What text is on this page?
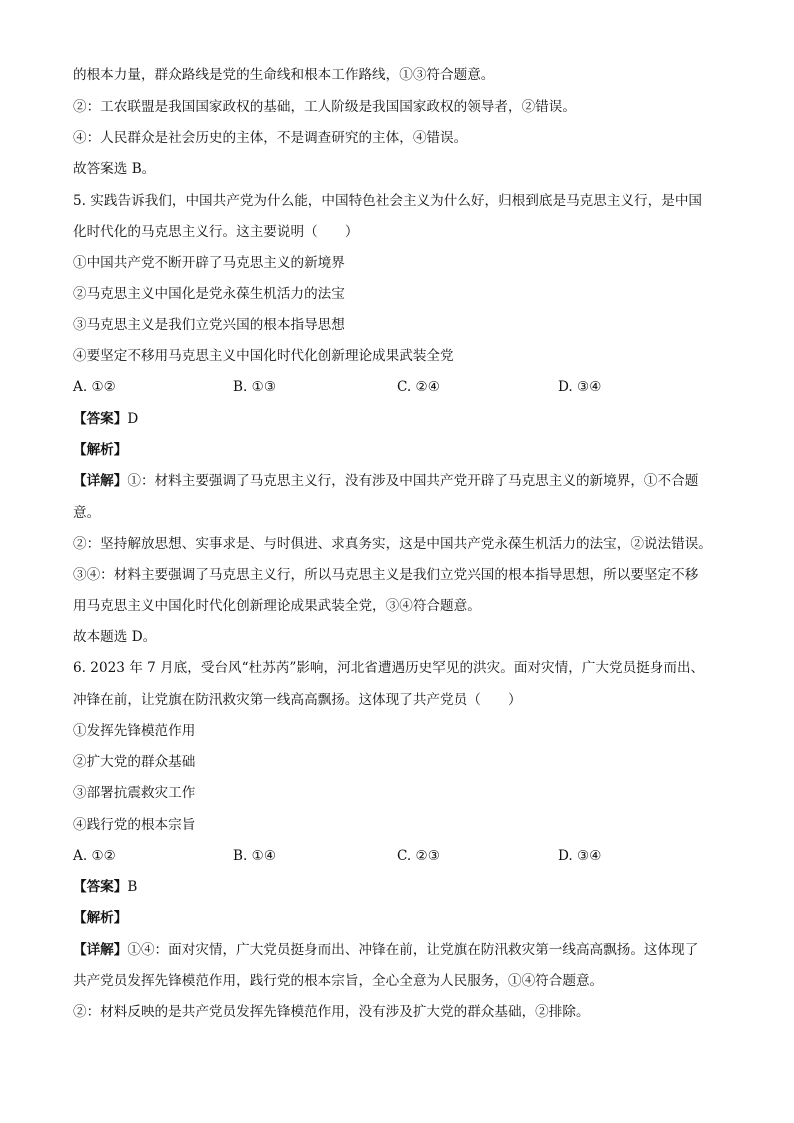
的根本力量，群众路线是党的生命线和根本工作路线，①③符合题意。
②：工农联盟是我国国家政权的基础，工人阶级是我国国家政权的领导者，②错误。
④：人民群众是社会历史的主体，不是调查研究的主体，④错误。
故答案选 B。
5. 实践告诉我们，中国共产党为什么能，中国特色社会主义为什么好，归根到底是马克思主义行，是中国
化时代化的马克思主义行。这主要说明（　　）
①中国共产党不断开辟了马克思主义的新境界
②马克思主义中国化是党永葆生机活力的法宝
③马克思主义是我们立党兴国的根本指导思想
④要坚定不移用马克思主义中国化时代化创新理论成果武装全党
A. ①②	B. ①③	C. ②④	D. ③④
【答案】D
【解析】
【详解】①：材料主要强调了马克思主义行，没有涉及中国共产党开辟了马克思主义的新境界，①不合题
意。
②：坚持解放思想、实事求是、与时俱进、求真务实，这是中国共产党永葆生机活力的法宝，②说法错误。
③④：材料主要强调了马克思主义行，所以马克思主义是我们立党兴国的根本指导思想，所以要坚定不移
用马克思主义中国化时代化创新理论成果武装全党，③④符合题意。
故本题选 D。
6. 2023 年 7 月底，受台风“杜苏芮”影响，河北省遭遇历史罕见的洪灾。面对灾情，广大党员挺身而出、
冲锋在前，让党旗在防汛救灾第一线高高飘扬。这体现了共产党员（　　）
①发挥先锋模范作用
②扩大党的群众基础
③部署抗震救灾工作
④践行党的根本宗旨
A. ①②	B. ①④	C. ②③	D. ③④
【答案】B
【解析】
【详解】①④：面对灾情，广大党员挺身而出、冲锋在前，让党旗在防汛救灾第一线高高飘扬。这体现了
共产党员发挥先锋模范作用，践行党的根本宗旨，全心全意为人民服务，①④符合题意。
②：材料反映的是共产党员发挥先锋模范作用，没有涉及扩大党的群众基础，②排除。
